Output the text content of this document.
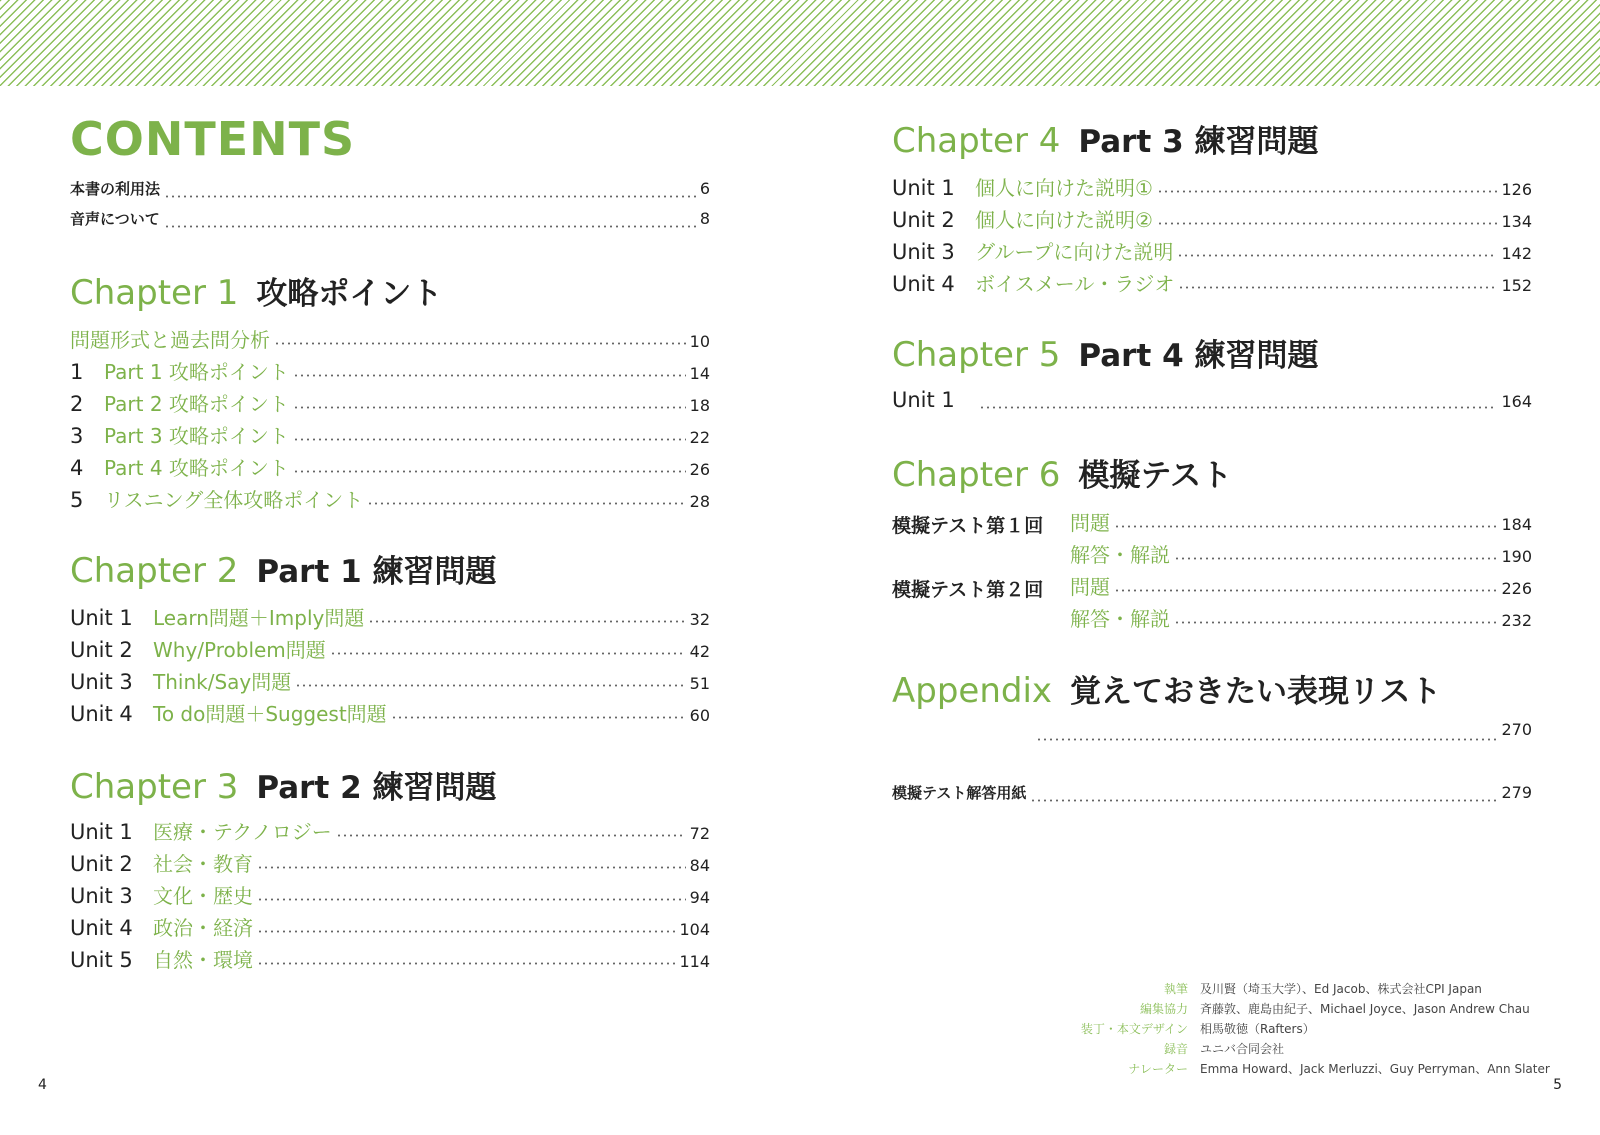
CONTENTS
本書の利用法	6
音声について	8
Chapter 1 攻略ポイント
問題形式と過去問分析	10
1	Part 1 攻略ポイント	14
2	Part 2 攻略ポイント	18
3	Part 3 攻略ポイント	22
4	Part 4 攻略ポイント	26
5	リスニング全体攻略ポイント	28
Chapter 2 Part 1 練習問題
Unit 1	Learn問題＋Imply問題	32
Unit 2	Why/Problem問題	42
Unit 3	Think/Say問題	51
Unit 4	To do問題＋Suggest問題	60
Chapter 3 Part 2 練習問題
Unit 1	医療・テクノロジー	72
Unit 2	社会・教育	84
Unit 3	文化・歴史	94
Unit 4	政治・経済	104
Unit 5	自然・環境	114
4
Chapter 4 Part 3 練習問題
Unit 1	個人に向けた説明①	126
Unit 2	個人に向けた説明②	134
Unit 3	グループに向けた説明	142
Unit 4	ボイスメール・ラジオ	152
Chapter 5 Part 4 練習問題
Unit 1	164
Chapter 6 模擬テスト
模擬テスト第１回 問題	184
解答・解説	190
模擬テスト第２回 問題	226
解答・解説	232
Appendix 覚えておきたい表現リスト
270
模擬テスト解答用紙	279
執筆	及川賢（埼玉大学）、Ed Jacob、株式会社CPI Japan
編集協力	斉藤敦、鹿島由紀子、Michael Joyce、Jason Andrew Chau
装丁・本文デザイン	相馬敬徳（Rafters）
録音	ユニバ合同会社
ナレーター	Emma Howard、Jack Merluzzi、Guy Perryman、Ann Slater
5
